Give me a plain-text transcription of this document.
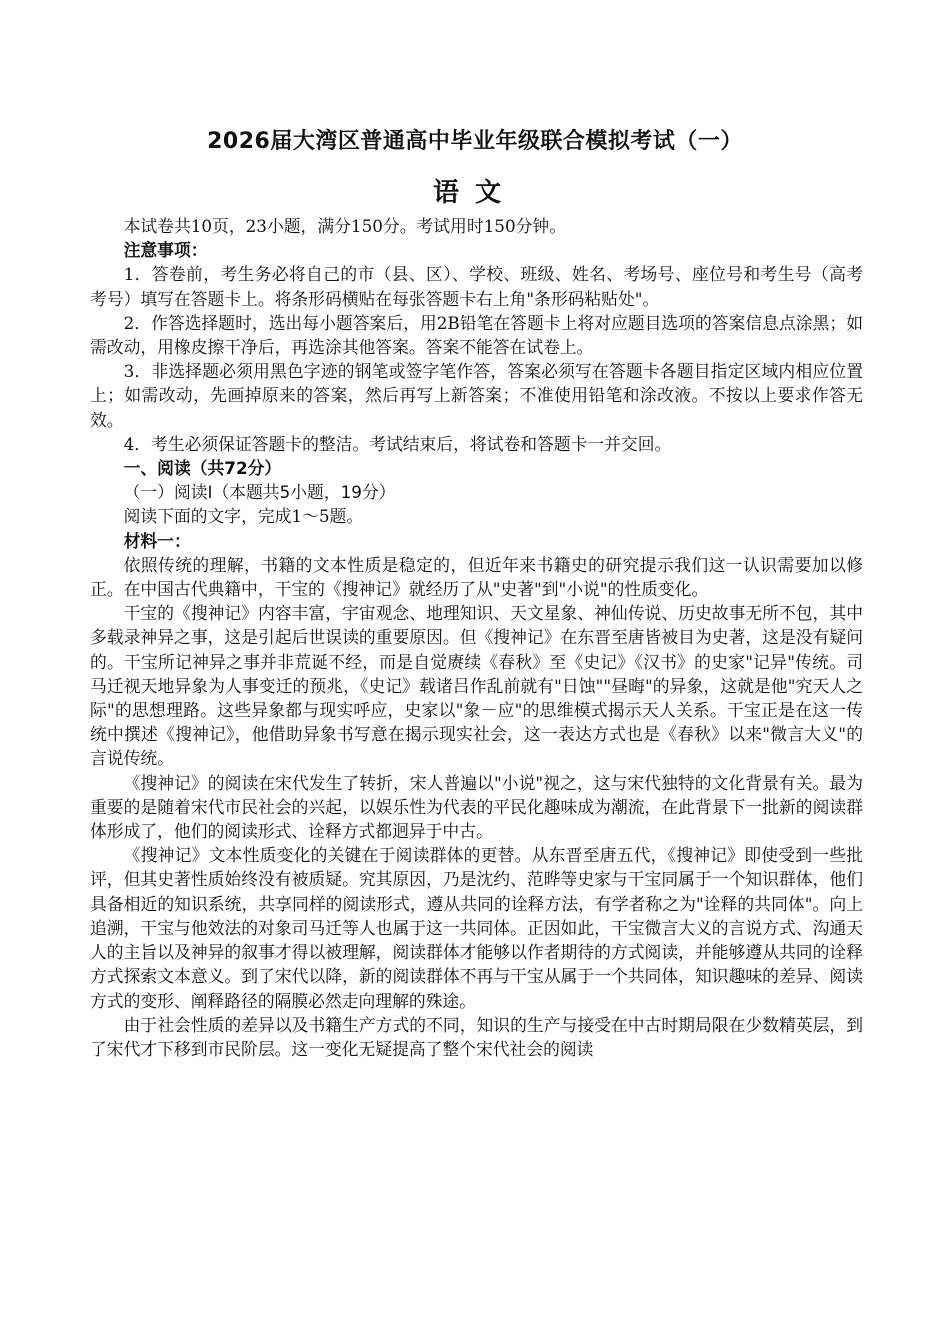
2026届大湾区普通高中毕业年级联合模拟考试（一）
语文

本试卷共10页，23小题，满分150分。考试用时150分钟。

注意事项：

1．答卷前，考生务必将自己的市（县、区）、学校、班级、姓名、考场号、座位号和考生号（高考考号）填写在答题卡上。将条形码横贴在每张答题卡右上角"条形码粘贴处"。

2．作答选择题时，选出每小题答案后，用2B铅笔在答题卡上将对应题目选项的答案信息点涂黑；如需改动，用橡皮擦干净后，再选涂其他答案。答案不能答在试卷上。

3．非选择题必须用黑色字迹的钢笔或签字笔作答，答案必须写在答题卡各题目指定区域内相应位置上；如需改动，先画掉原来的答案，然后再写上新答案；不准使用铅笔和涂改液。不按以上要求作答无效。

4．考生必须保证答题卡的整洁。考试结束后，将试卷和答题卡一并交回。

一、阅读（共72分）

（一）阅读Ⅰ（本题共5小题，19分）

阅读下面的文字，完成1～5题。

材料一：

依照传统的理解，书籍的文本性质是稳定的，但近年来书籍史的研究提示我们这一认识需要加以修正。在中国古代典籍中，干宝的《搜神记》就经历了从"史著"到"小说"的性质变化。

干宝的《搜神记》内容丰富，宇宙观念、地理知识、天文星象、神仙传说、历史故事无所不包，其中多载录神异之事，这是引起后世误读的重要原因。但《搜神记》在东晋至唐皆被目为史著，这是没有疑问的。干宝所记神异之事并非荒诞不经，而是自觉赓续《春秋》至《史记》《汉书》的史家"记异"传统。司马迁视天地异象为人事变迁的预兆，《史记》载诸吕作乱前就有"日蚀""昼晦"的异象，这就是他"究天人之际"的思想理路。这些异象都与现实呼应，史家以"象－应"的思维模式揭示天人关系。干宝正是在这一传统中撰述《搜神记》，他借助异象书写意在揭示现实社会，这一表达方式也是《春秋》以来"微言大义"的言说传统。

《搜神记》的阅读在宋代发生了转折，宋人普遍以"小说"视之，这与宋代独特的文化背景有关。最为重要的是随着宋代市民社会的兴起，以娱乐性为代表的平民化趣味成为潮流，在此背景下一批新的阅读群体形成了，他们的阅读形式、诠释方式都迥异于中古。

《搜神记》文本性质变化的关键在于阅读群体的更替。从东晋至唐五代，《搜神记》即使受到一些批评，但其史著性质始终没有被质疑。究其原因，乃是沈约、范晔等史家与干宝同属于一个知识群体，他们具备相近的知识系统，共享同样的阅读形式，遵从共同的诠释方法，有学者称之为"诠释的共同体"。向上追溯，干宝与他效法的对象司马迁等人也属于这一共同体。正因如此，干宝微言大义的言说方式、沟通天人的主旨以及神异的叙事才得以被理解，阅读群体才能够以作者期待的方式阅读，并能够遵从共同的诠释方式探索文本意义。到了宋代以降，新的阅读群体不再与干宝从属于一个共同体，知识趣味的差异、阅读方式的变形、阐释路径的隔膜必然走向理解的殊途。

由于社会性质的差异以及书籍生产方式的不同，知识的生产与接受在中古时期局限在少数精英层，到了宋代才下移到市民阶层。这一变化无疑提高了整个宋代社会的阅读
